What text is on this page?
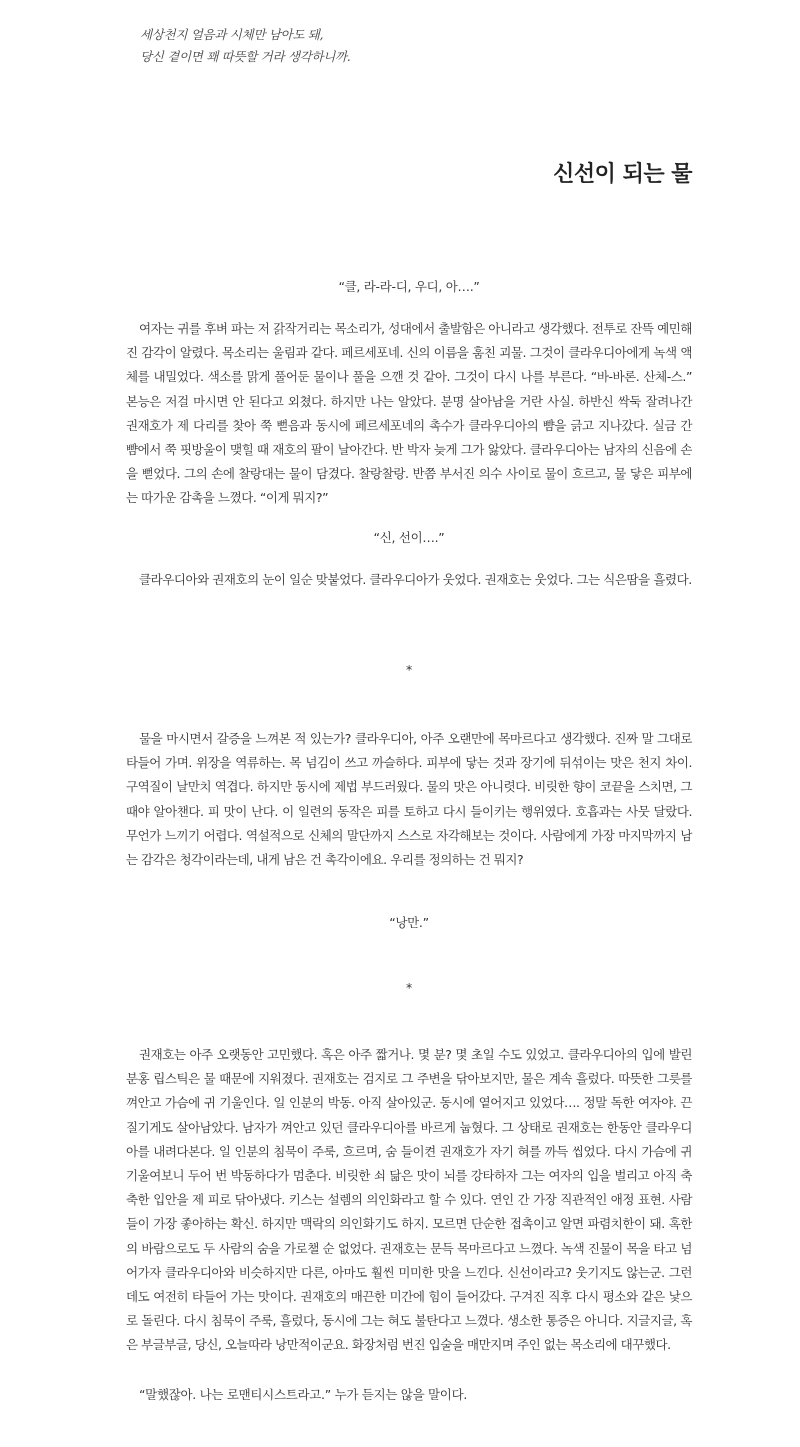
세상천지 얼음과 시체만 남아도 돼,
당신 곁이면 꽤 따뜻할 거라 생각하니까.
신선이 되는 물
“클, 라-라-디, 우디, 아….”

여자는 귀를 후벼 파는 저 갉작거리는 목소리가, 성대에서 출발함은 아니라고 생각했다. 전투로 잔뜩 예민해진 감각이 알렸다. 목소리는 울림과 같다. 페르세포네. 신의 이름을 훔친 괴물. 그것이 클라우디아에게 녹색 액체를 내밀었다. 색소를 맑게 풀어둔 물이나 풀을 으깬 것 같아. 그것이 다시 나를 부른다. “바-바론. 산체-스.” 본능은 저걸 마시면 안 된다고 외쳤다. 하지만 나는 알았다. 분명 살아남을 거란 사실. 하반신 싹둑 잘려나간 권재호가 제 다리를 찾아 쭉 뻗음과 동시에 페르세포네의 촉수가 클라우디아의 뺨을 긁고 지나갔다. 실금 간 뺨에서 쭉 핏방울이 맺힐 때 재호의 팔이 날아간다. 반 박자 늦게 그가 앓았다. 클라우디아는 남자의 신음에 손을 뻗었다. 그의 손에 찰랑대는 물이 담겼다. 찰랑찰랑. 반쯤 부서진 의수 사이로 물이 흐르고, 물 닿은 피부에는 따가운 감촉을 느꼈다. “이게 뭐지?”

“신, 선이….”

클라우디아와 권재호의 눈이 일순 맞붙었다. 클라우디아가 웃었다. 권재호는 웃었다. 그는 식은땀을 흘렸다.

*

물을 마시면서 갈증을 느껴본 적 있는가? 클라우디아, 아주 오랜만에 목마르다고 생각했다. 진짜 말 그대로 타들어 가며. 위장을 역류하는. 목 넘김이 쓰고 까슬하다. 피부에 닿는 것과 장기에 뒤섞이는 맛은 천지 차이. 구역질이 날만치 역겹다. 하지만 동시에 제법 부드러웠다. 물의 맛은 아니렷다. 비릿한 향이 코끝을 스치면, 그때야 알아챈다. 피 맛이 난다. 이 일련의 동작은 피를 토하고 다시 들이키는 행위였다. 호흡과는 사뭇 달랐다. 무언가 느끼기 어렵다. 역설적으로 신체의 말단까지 스스로 자각해보는 것이다. 사람에게 가장 마지막까지 남는 감각은 청각이라는데, 내게 남은 건 촉각이에요. 우리를 정의하는 건 뭐지?

“낭만.”
*

권재호는 아주 오랫동안 고민했다. 혹은 아주 짧거나. 몇 분? 몇 초일 수도 있었고. 클라우디아의 입에 발린 분홍 립스틱은 물 때문에 지워졌다. 권재호는 검지로 그 주변을 닦아보지만, 물은 계속 흘렀다. 따뜻한 그릇를 껴안고 가슴에 귀 기울인다. 일 인분의 박동. 아직 살아있군. 동시에 옅어지고 있었다…. 정말 독한 여자야. 끈질기게도 살아남았다. 남자가 껴안고 있던 클라우디아를 바르게 눕혔다. 그 상태로 권재호는 한동안 클라우디아를 내려다본다. 일 인분의 침묵이 주룩, 흐르며, 숨 들이켠 권재호가 자기 혀를 까득 씹었다. 다시 가슴에 귀 기울여보니 두어 번 박동하다가 멈춘다. 비릿한 쇠 닮은 맛이 뇌를 강타하자 그는 여자의 입을 벌리고 아직 축축한 입안을 제 피로 닦아냈다. 키스는 설렘의 의인화라고 할 수 있다. 연인 간 가장 직관적인 애정 표현. 사람들이 가장 좋아하는 확신. 하지만 맥락의 의인화기도 하지. 모르면 단순한 접촉이고 알면 파렴치한이 돼. 혹한의 바람으로도 두 사람의 숨을 가로챌 순 없었다. 권재호는 문득 목마르다고 느꼈다. 녹색 진물이 목을 타고 넘어가자 클라우디아와 비슷하지만 다른, 아마도 훨씬 미미한 맛을 느낀다. 신선이라고? 웃기지도 않는군. 그런데도 여전히 타들어 가는 맛이다. 권재호의 매끈한 미간에 힘이 들어갔다. 구겨진 직후 다시 평소와 같은 낯으로 돌린다. 다시 침묵이 주룩, 흘렀다, 동시에 그는 혀도 불탄다고 느꼈다. 생소한 통증은 아니다. 지글지글, 혹은 부글부글, 당신, 오늘따라 낭만적이군요. 화장처럼 번진 입술을 매만지며 주인 없는 목소리에 대꾸했다.

“말했잖아. 나는 로맨티시스트라고.” 누가 듣지는 않을 말이다.
